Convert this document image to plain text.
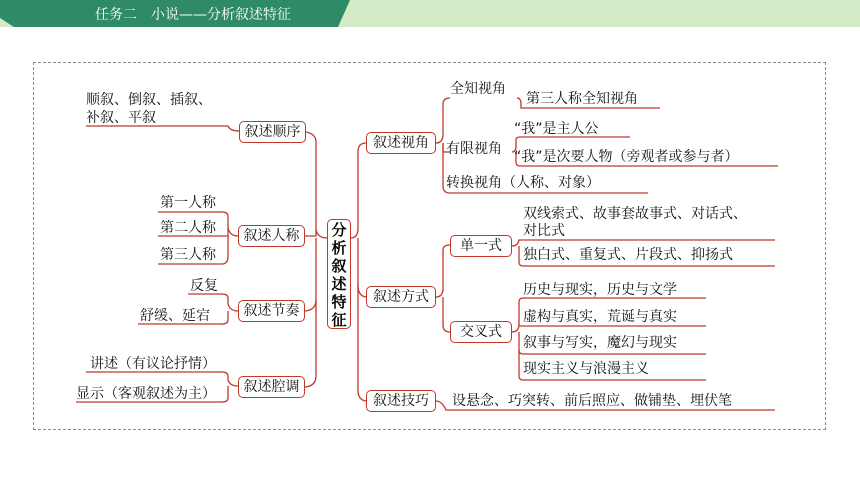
任务二　小说——分析叙述特征
分析叙述特征
叙述顺序
叙述人称
叙述节奏
叙述腔调
顺叙、倒叙、插叙、
补叙、平叙
第一人称
第二人称
第三人称
反复
舒缓、延宕
讲述（有议论抒情）
显示（客观叙述为主）
叙述视角
叙述方式
叙述技巧
全知视角
第三人称全知视角
有限视角
“我”是主人公
“我”是次要人物（旁观者或参与者）
转换视角（人称、对象）
单一式
双线索式、故事套故事式、对话式、
对比式
独白式、重复式、片段式、抑扬式
交叉式
历史与现实，历史与文学
虚构与真实，荒诞与真实
叙事与写实，魔幻与现实
现实主义与浪漫主义
设悬念、巧突转、前后照应、做铺垫、埋伏笔
